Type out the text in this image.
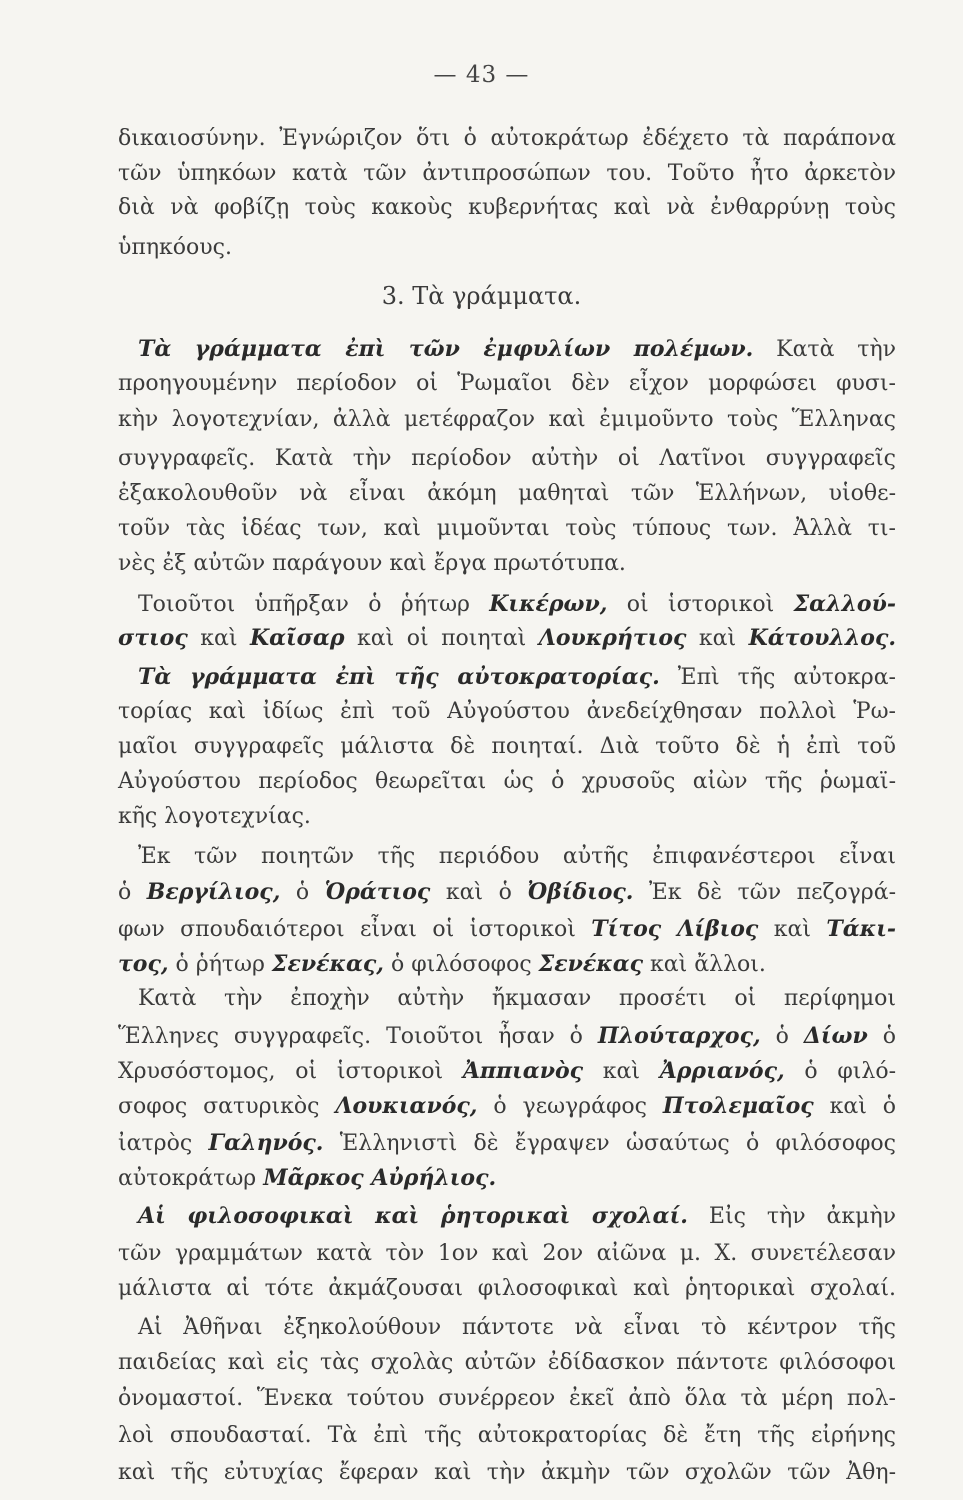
— 43 —
δικαιοσύνην. Ἐγνώριζον ὅτι ὁ αὐτοκράτωρ ἐδέχετο τὰ παράπονα
τῶν ὑπηκόων κατὰ τῶν ἀντιπροσώπων του. Τοῦτο ἦτο ἀρκετὸν
διὰ νὰ φοβίζῃ τοὺς κακοὺς κυβερνήτας καὶ νὰ ἐνθαρρύνῃ τοὺς
ὑπηκόους.
3. Τὰ γράμματα.
Τὰ γράμματα ἐπὶ τῶν ἐμφυλίων πολέμων. Κατὰ τὴν
προηγουμένην περίοδον οἱ Ῥωμαῖοι δὲν εἶχον μορφώσει φυσι-
κὴν λογοτεχνίαν, ἀλλὰ μετέφραζον καὶ ἐμιμοῦντο τοὺς Ἕλληνας
συγγραφεῖς. Κατὰ τὴν περίοδον αὐτὴν οἱ Λατῖνοι συγγραφεῖς
ἐξακολουθοῦν νὰ εἶναι ἀκόμη μαθηταὶ τῶν Ἑλλήνων, υἱοθε-
τοῦν τὰς ἰδέας των, καὶ μιμοῦνται τοὺς τύπους των. Ἀλλὰ τι-
νὲς ἐξ αὐτῶν παράγουν καὶ ἔργα πρωτότυπα.
Τοιοῦτοι ὑπῆρξαν ὁ ῥήτωρ Κικέρων, οἱ ἱστορικοὶ Σαλλού-
στιος καὶ Καῖσαρ καὶ οἱ ποιηταὶ Λουκρήτιος καὶ Κάτουλλος.
Τὰ γράμματα ἐπὶ τῆς αὐτοκρατορίας. Ἐπὶ τῆς αὐτοκρα-
τορίας καὶ ἰδίως ἐπὶ τοῦ Αὐγούστου ἀνεδείχθησαν πολλοὶ Ῥω-
μαῖοι συγγραφεῖς μάλιστα δὲ ποιηταί. Διὰ τοῦτο δὲ ἡ ἐπὶ τοῦ
Αὐγούστου περίοδος θεωρεῖται ὡς ὁ χρυσοῦς αἰὼν τῆς ῥωμαϊ-
κῆς λογοτεχνίας.
Ἐκ τῶν ποιητῶν τῆς περιόδου αὐτῆς ἐπιφανέστεροι εἶναι
ὁ Βεργίλιος, ὁ Ὁράτιος καὶ ὁ Ὀβίδιος. Ἐκ δὲ τῶν πεζογρά-
φων σπουδαιότεροι εἶναι οἱ ἱστορικοὶ Τίτος Λίβιος καὶ Τάκι-
τος, ὁ ῥήτωρ Σενέκας, ὁ φιλόσοφος Σενέκας καὶ ἄλλοι.
Κατὰ τὴν ἐποχὴν αὐτὴν ἤκμασαν προσέτι οἱ περίφημοι
Ἕλληνες συγγραφεῖς. Τοιοῦτοι ἦσαν ὁ Πλούταρχος, ὁ Δίων ὁ
Χρυσόστομος, οἱ ἱστορικοὶ Ἀππιανὸς καὶ Ἀρριανός, ὁ φιλό-
σοφος σατυρικὸς Λουκιανός, ὁ γεωγράφος Πτολεμαῖος καὶ ὁ
ἰατρὸς Γαληνός. Ἑλληνιστὶ δὲ ἔγραψεν ὡσαύτως ὁ φιλόσοφος
αὐτοκράτωρ Μᾶρκος Αὐρήλιος.
Αἱ φιλοσοφικαὶ καὶ ῥητορικαὶ σχολαί. Εἰς τὴν ἀκμὴν
τῶν γραμμάτων κατὰ τὸν 1ον καὶ 2ον αἰῶνα μ. Χ. συνετέλεσαν
μάλιστα αἱ τότε ἀκμάζουσαι φιλοσοφικαὶ καὶ ῥητορικαὶ σχολαί.
Αἱ Ἀθῆναι ἐξηκολούθουν πάντοτε νὰ εἶναι τὸ κέντρον τῆς
παιδείας καὶ εἰς τὰς σχολὰς αὐτῶν ἐδίδασκον πάντοτε φιλόσοφοι
ὀνομαστοί. Ἕνεκα τούτου συνέρρεον ἐκεῖ ἀπὸ ὅλα τὰ μέρη πολ-
λοὶ σπουδασταί. Τὰ ἐπὶ τῆς αὐτοκρατορίας δὲ ἔτη τῆς εἰρήνης
καὶ τῆς εὐτυχίας ἔφεραν καὶ τὴν ἀκμὴν τῶν σχολῶν τῶν Ἀθη-
